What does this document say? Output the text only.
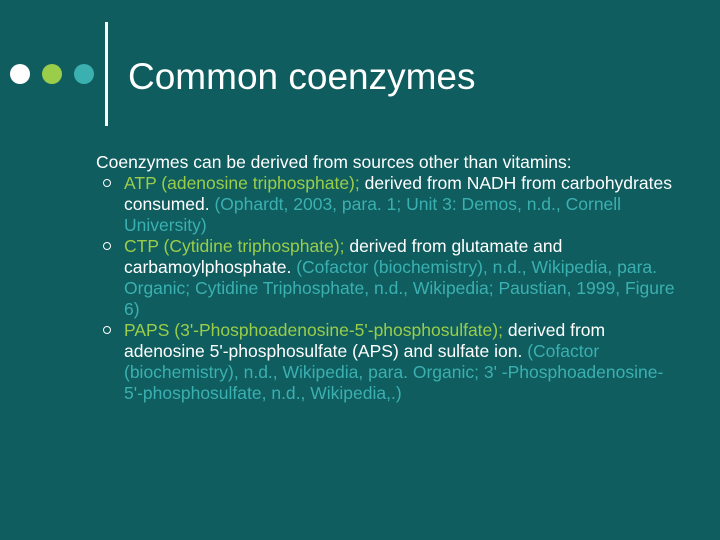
Common coenzymes
Coenzymes can be derived from sources other than vitamins:
ATP (adenosine triphosphate); derived from NADH from carbohydrates consumed. (Ophardt, 2003, para. 1; Unit 3: Demos, n.d., Cornell University)
CTP (Cytidine triphosphate); derived from glutamate and carbamoylphosphate. (Cofactor (biochemistry), n.d., Wikipedia, para. Organic; Cytidine Triphosphate, n.d., Wikipedia; Paustian, 1999, Figure 6)
PAPS (3'-Phosphoadenosine-5'-phosphosulfate); derived from adenosine 5'-phosphosulfate (APS) and sulfate ion. (Cofactor (biochemistry), n.d., Wikipedia, para. Organic; 3' -Phosphoadenosine-5'-phosphosulfate, n.d., Wikipedia,.)
